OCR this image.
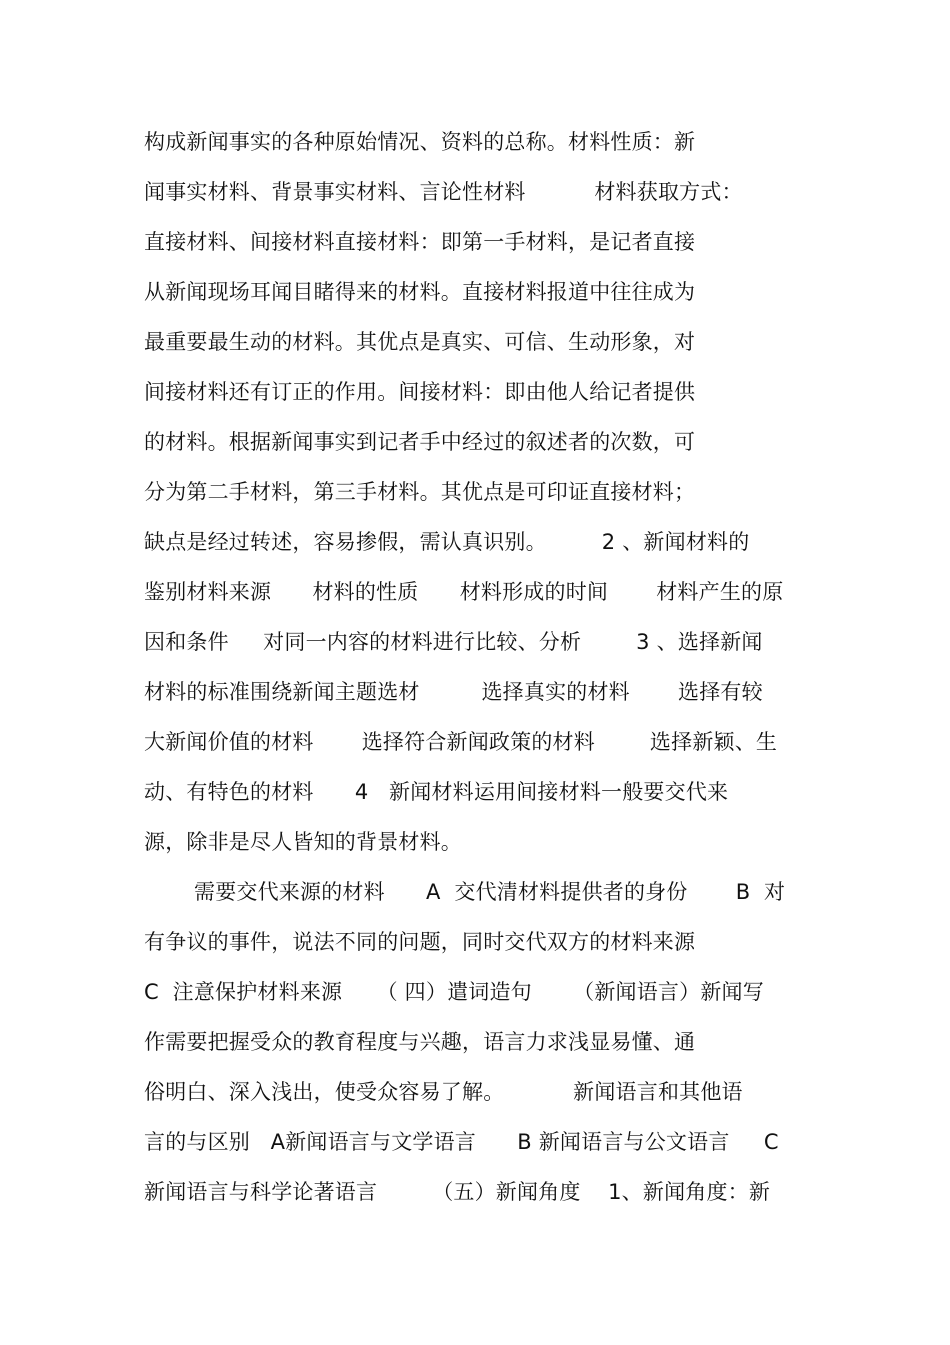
构成新闻事实的各种原始情况、资料的总称。材料性质：新
闻事实材料、背景事实材料、言论性材料          材料获取方式：
直接材料、间接材料直接材料：即第一手材料，是记者直接
从新闻现场耳闻目睹得来的材料。直接材料报道中往往成为
最重要最生动的材料。其优点是真实、可信、生动形象，对
间接材料还有订正的作用。间接材料：即由他人给记者提供
的材料。根据新闻事实到记者手中经过的叙述者的次数，可
分为第二手材料，第三手材料。其优点是可印证直接材料；
缺点是经过转述，容易掺假，需认真识别。        2 、新闻材料的
鉴别材料来源      材料的性质      材料形成的时间       材料产生的原
因和条件     对同一内容的材料进行比较、分析        3 、选择新闻
材料的标准围绕新闻主题选材         选择真实的材料       选择有较
大新闻价值的材料       选择符合新闻政策的材料        选择新颖、生
动、有特色的材料      4   新闻材料运用间接材料一般要交代来
源，除非是尽人皆知的背景材料。
需要交代来源的材料      A  交代清材料提供者的身份       B  对
有争议的事件，说法不同的问题，同时交代双方的材料来源
C  注意保护材料来源     （ 四）遣词造句      （新闻语言）新闻写
作需要把握受众的教育程度与兴趣，语言力求浅显易懂、通
俗明白、深入浅出，使受众容易了解。          新闻语言和其他语
言的与区别   A新闻语言与文学语言      B 新闻语言与公文语言     C
新闻语言与科学论著语言        （五）新闻角度    1、新闻角度：新
